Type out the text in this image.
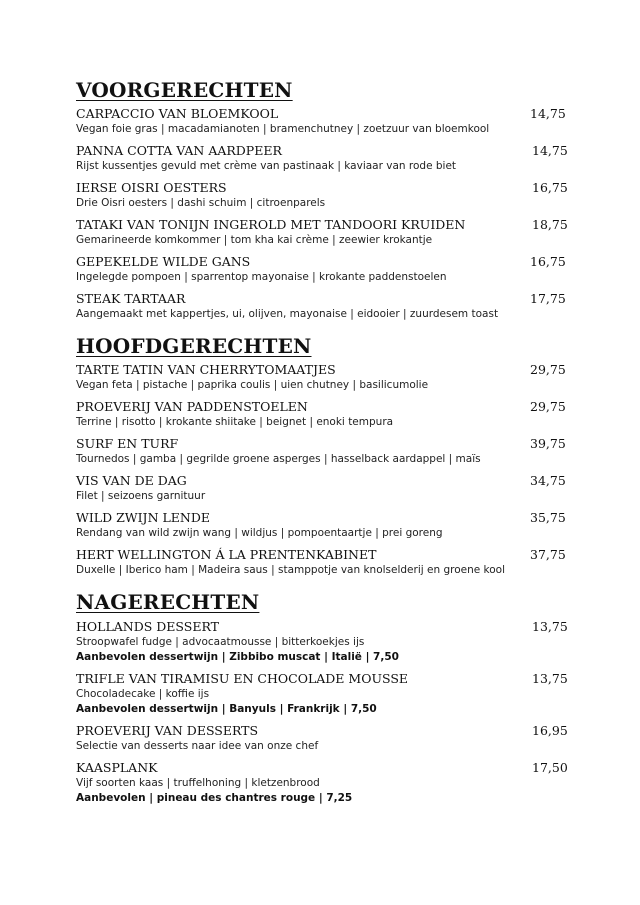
VOORGERECHTEN
CARPACCIO VAN BLOEMKOOL	14,75
Vegan foie gras | macadamianoten | bramenchutney | zoetzuur van bloemkool
PANNA COTTA VAN AARDPEER	14,75
Rijst kussentjes gevuld met crème van pastinaak | kaviaar van rode biet
IERSE OISRI OESTERS	16,75
Drie Oisri oesters | dashi schuim | citroenparels
TATAKI VAN TONIJN INGEROLD MET TANDOORI KRUIDEN	18,75
Gemarineerde komkommer | tom kha kai crème | zeewier krokantje
GEPEKELDE WILDE GANS	16,75
Ingelegde pompoen | sparrentop mayonaise | krokante paddenstoelen
STEAK TARTAAR	17,75
Aangemaakt met kappertjes, ui, olijven, mayonaise | eidooier | zuurdesem toast
HOOFDGERECHTEN
TARTE TATIN VAN CHERRYTOMAATJES	29,75
Vegan feta | pistache | paprika coulis | uien chutney | basilicumolie
PROEVERIJ VAN PADDENSTOELEN	29,75
Terrine | risotto | krokante shiitake | beignet | enoki tempura
SURF EN TURF	39,75
Tournedos | gamba | gegrilde groene asperges | hasselback aardappel | maïs
VIS VAN DE DAG	34,75
Filet | seizoens garnituur
WILD ZWIJN LENDE	35,75
Rendang van wild zwijn wang | wildjus | pompoentaartje | prei goreng
HERT WELLINGTON Á LA PRENTENKABINET	37,75
Duxelle | Iberico ham | Madeira saus | stamppotje van knolselderij en groene kool
NAGERECHTEN
HOLLANDS DESSERT	13,75
Stroopwafel fudge | advocaatmousse | bitterkoekjes ijs
Aanbevolen dessertwijn | Zibbibo muscat | Italië | 7,50
TRIFLE VAN TIRAMISU EN CHOCOLADE MOUSSE	13,75
Chocoladecake | koffie ijs
Aanbevolen dessertwijn | Banyuls | Frankrijk | 7,50
PROEVERIJ VAN DESSERTS	16,95
Selectie van desserts naar idee van onze chef
KAASPLANK	17,50
Vijf soorten kaas | truffelhoning | kletzenbrood
Aanbevolen | pineau des chantres rouge | 7,25
